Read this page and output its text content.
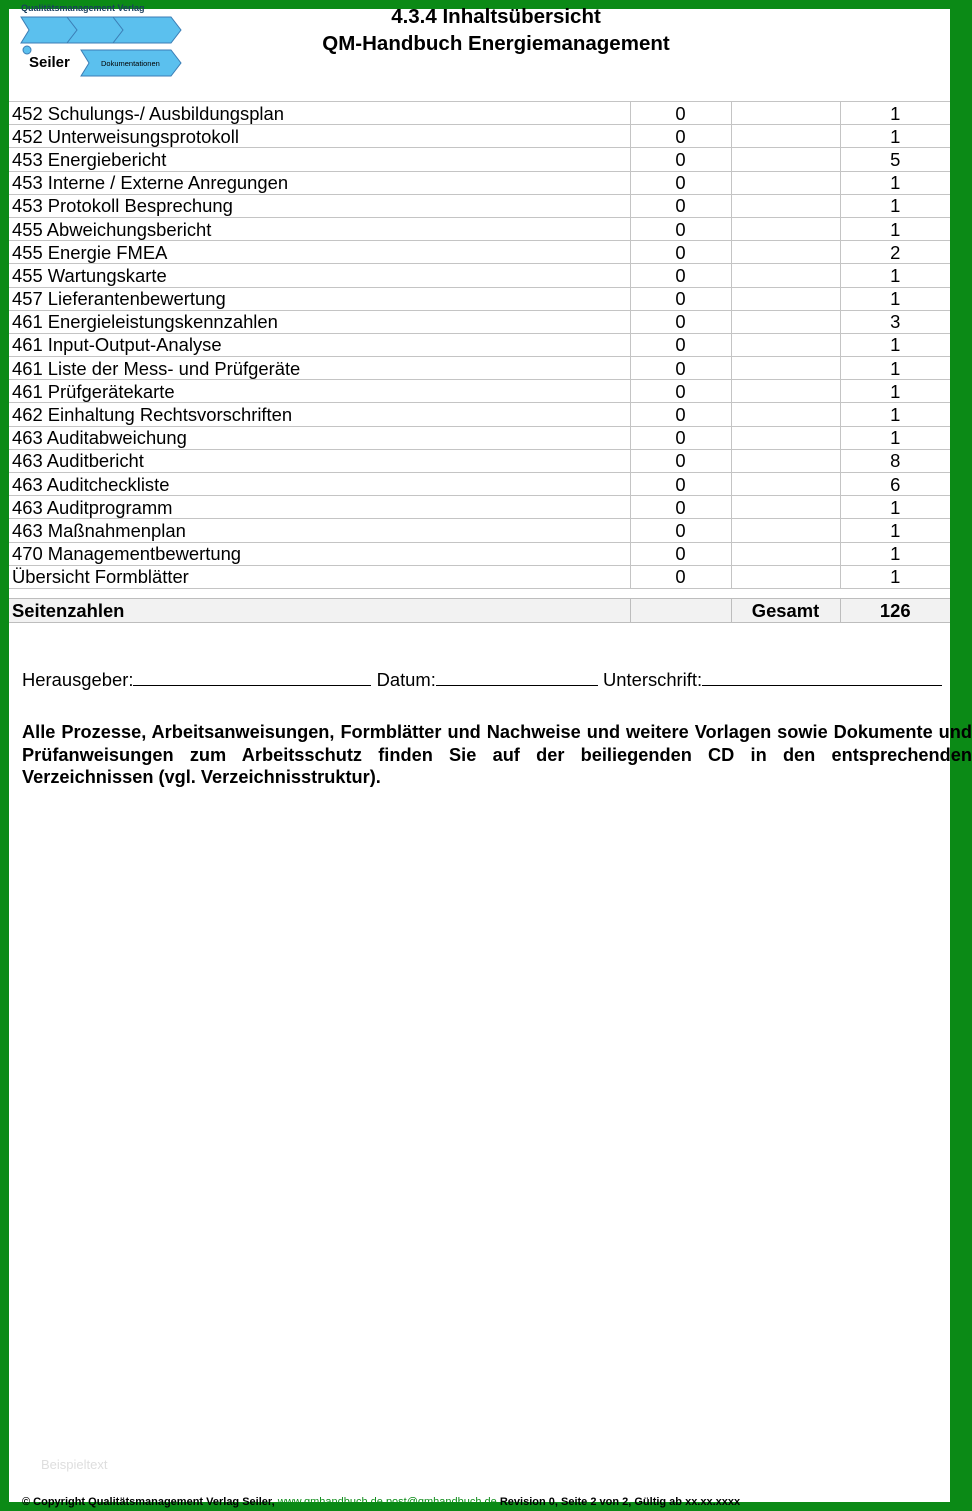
Qualitätsmanagement Verlag
Seiler	Dokumentationen
4.3.4 Inhaltsübersicht
QM-Handbuch Energiemanagement
452 Schulungs-/ Ausbildungsplan	0		1
452 Unterweisungsprotokoll	0		1
453 Energiebericht	0		5
453 Interne / Externe Anregungen	0		1
453 Protokoll Besprechung	0		1
455 Abweichungsbericht	0		1
455 Energie FMEA	0		2
455 Wartungskarte	0		1
457 Lieferantenbewertung	0		1
461 Energieleistungskennzahlen	0		3
461 Input-Output-Analyse	0		1
461 Liste der Mess- und Prüfgeräte	0		1
461 Prüfgerätekarte	0		1
462 Einhaltung Rechtsvorschriften	0		1
463 Auditabweichung	0		1
463 Auditbericht	0		8
463 Auditcheckliste	0		6
463 Auditprogramm	0		1
463 Maßnahmenplan	0		1
470 Managementbewertung	0		1
Übersicht Formblätter	0		1
Seitenzahlen		Gesamt	126
Herausgeber:	Datum:	Unterschrift:
Alle Prozesse, Arbeitsanweisungen, Formblätter und Nachweise und weitere Vorlagen sowie Dokumente und Prüfanweisungen zum Arbeitsschutz finden Sie auf der beiliegenden CD in den entsprechenden Verzeichnissen (vgl. Verzeichnisstruktur).
Beispieltext
© Copyright Qualitätsmanagement Verlag Seiler, www.qmhandbuch.de post@qmhandbuch.de Revision 0, Seite 2 von 2, Gültig ab xx.xx.xxxx
